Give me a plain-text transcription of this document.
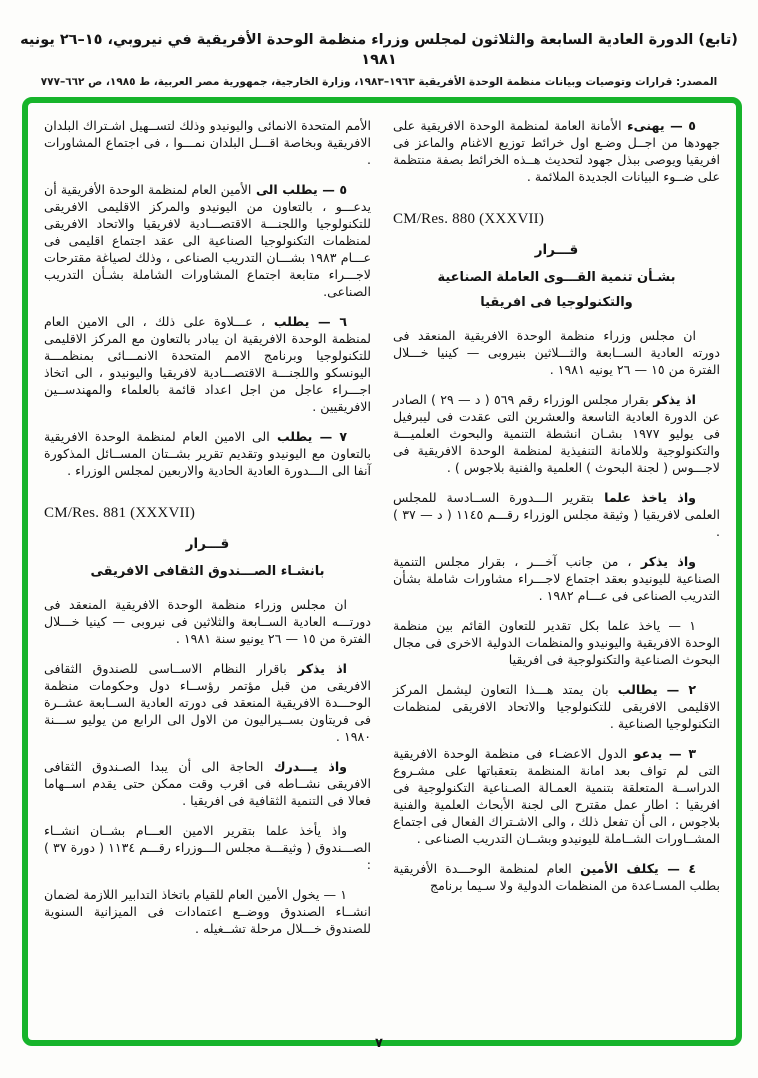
(تابع) الدورة العادية السابعة والثلاثون لمجلس وزراء منظمة الوحدة الأفريقية في نيروبي، ١٥–٢٦ يونيه ١٩٨١
المصدر: قرارات وتوصيات وبيانات منظمة الوحدة الأفريقية ١٩٦٣–١٩٨٣، وزارة الخارجية، جمهورية مصر العربية، ط ١٩٨٥، ص ٦٦٢–٧٧٧
٥ — يهنىء الأمانة العامة لمنظمة الوحدة الافريقية على جهودها من اجــل وضـع اول خرائط توزيع الاغنام والماعز فى افريقيا ويوصى ببذل جهود لتحديث هــذه الخرائط بصفة منتظمة على ضــوء البيانات الجديدة الملائمة .
CM/Res. 880 (XXXVII)
قـــرار
بشـأن تنمية القـــوى العاملة الصناعية
والتكنولوجيا فى افريقيا
ان مجلس وزراء منظمة الوحدة الافريقية المنعقد فى دورته العادية الســابعة والثـــلاثين بنيروبى — كينيا خـــلال الفترة من ١٥ — ٢٦ يونيه ١٩٨١ .
اذ يذكر بقرار مجلس الوزراء رقم ٥٦٩ ( د — ٢٩ ) الصادر عن الدورة العادية التاسعة والعشرين التى عقدت فى ليبرفيل فى يوليو ١٩٧٧ بشـان انشطة التنمية والبحوث العلميـــة والتكنولوجية وللامانة التنفيذية لمنظمة الوحدة الافريقية فى لاجـــوس ( لجنة البحوث ) العلمية والفنية بلاجوس ) .
واذ ياخذ علما بتقرير الـــدورة الســادسة للمجلس العلمى لافريقيا ( وثيقة مجلس الوزراء رقـــم ١١٤٥ ( د — ٣٧ ) .
واذ يذكر ، من جانب آخـــر ، بقرار مجلس التنمية الصناعية لليونيدو بعقد اجتماع لاجـــراء مشاورات شاملة بشأن التدريب الصناعى فى عـــام ١٩٨٢ .
١ — ياخذ علما بكل تقدير للتعاون القائم بين منظمة الوحدة الافريقية واليونيدو والمنظمات الدولية الاخرى فى مجال البحوث الصناعية والتكنولوجية فى افريقيا
٢ — يطالب بان يمتد هـــذا التعاون ليشمل المركز الاقليمى الافريقى للتكنولوجيا والاتحاد الافريقى لمنظمات التكنولوجيا الصناعية .
٣ — يدعو الدول الاعضـاء فى منظمة الوحدة الافريقية التى لم تواف بعد امانة المنظمة بتعقباتها على مشـروع الدراســة المتعلقة بتنمية العمـالة الصـناعية التكنولوجية فى افريقيا : اطار عمل مقترح الى لجنة الأبحاث العلمية والفنية بلاجوس ، الى أن تفعل ذلك ، والى الاشـتراك الفعال فى اجتماع المشــاورات الشــاملة لليونيدو وبشــان التدريب الصناعى .
٤ — يكلف الأمين العام لمنظمة الوحـــدة الأفريقية بطلب المسـاعدة من المنظمات الدولية ولا سـيما برنامج
الأمم المتحدة الانمائى واليونيدو وذلك لتســهيل اشـتراك البلدان الافريقية وبخاصة اقـــل البلدان نمـــوا ، فى اجتماع المشاورات .
٥ — يطلب الى الأمين العام لمنظمة الوحدة الأفريقية أن يدعـــو ، بالتعاون من اليونيدو والمركز الاقليمى الافريقى للتكنولوجيا واللجنـــة الاقتصـــادية لافريقيا والاتحاد الافريقى لمنظمات التكنولوجيا الصناعية الى عقد اجتماع اقليمى فى عـــام ١٩٨٣ بشـــان التدريب الصناعى ، وذلك لصياغة مقترحات لاجـــراء متابعة اجتماع المشاورات الشاملة بشـأن التدريب الصناعى.
٦ — يطلب ، عـــلاوة على ذلك ، الى الامين العام لمنظمة الوحدة الافريقية ان يبادر بالتعاون مع المركز الاقليمى للتكنولوجيا وبرنامج الامم المتحدة الانمـــائى بمنظمـــة اليونسكو واللجنـــة الاقتصـــادية لافريقيا واليونيدو ، الى اتخاذ اجـــراء عاجل من اجل اعداد قائمة بالعلماء والمهندســين الافريقيين .
٧ — يطلب الى الامين العام لمنظمة الوحدة الافريقية بالتعاون مع اليونيدو وتقديم تقرير بشــتان المســائل المذكورة آنفا الى الـــدورة العادية الحادية والاربعين لمجلس الوزراء .
CM/Res. 881 (XXXVII)
قـــرار
بانشـاء الصـــندوق الثقافى الافريقى
ان مجلس وزراء منظمة الوحدة الافريقية المنعقد فى دورتـــه العادية الســابعة والثلاثين فى نيروبى — كينيا خـــلال الفترة من ١٥ — ٢٦ يونيو سنة ١٩٨١ .
اذ يذكر باقرار النظام الاســاسى للصندوق الثقافى الافريقى من قبل مؤتمر رؤســاء دول وحكومات منظمة الوحـــدة الافريقية المنعقد فى دورته العادية الســابعة عشــرة فى فريتاون بســيراليون من الاول الى الرابع من يوليو ســـنة ١٩٨٠ .
واذ يـــدرك الحاجة الى أن يبدا الصـندوق الثقافى الافريقى نشــاطه فى اقرب وقت ممكن حتى يقدم اســهاما فعالا فى التنمية الثقافية فى افريقيا .
واذ يأخذ علما بتقرير الامين العـــام بشــان انشــاء الصـــندوق ( وثيقـــة مجلس الـــوزراء رقـــم ١١٣٤ ( دورة ٣٧ ) :
١ — يخول الأمين العام للقيام باتخاذ التدابير اللازمة لضمان انشــاء الصندوق ووضــع اعتمادات فى الميزانية السنوية للصندوق خـــلال مرحلة تشــغيله .
٧
